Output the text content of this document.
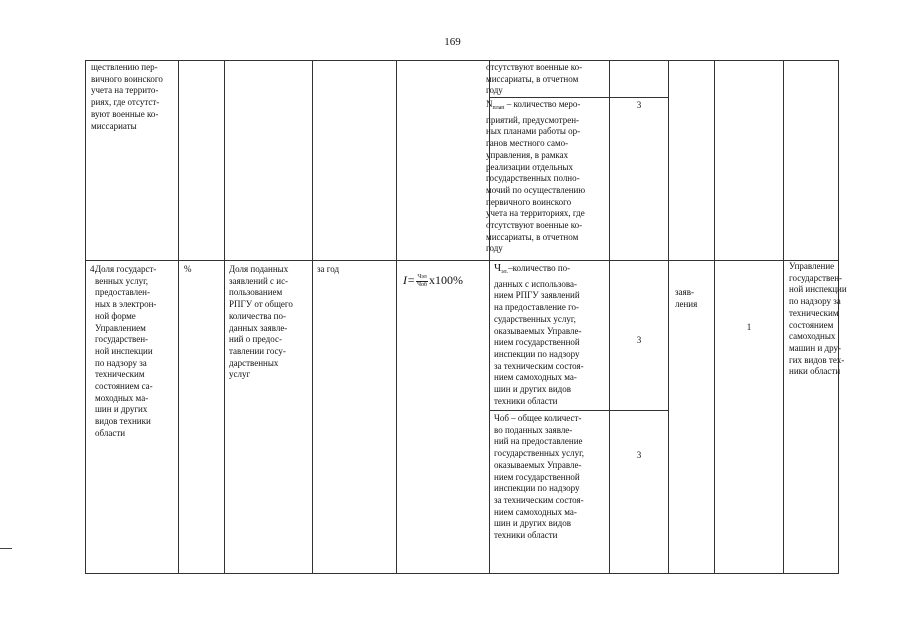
169
ществлению пер-
вичного воинского
учета на террито-
риях, где отсутст-
вуют военные ко-
миссариаты
отсутствуют военные ко-
миссариаты, в отчетном
году
$N_{плап}$ – количество меро-
приятий, предусмотрен-
ных планами работы ор-
ганов местного само-
управления, в рамках
реализации отдельных
государственных полно-
мочий по осуществлению
первичного воинского
учета на территориях, где
отсутствуют военные ко-
миссариаты, в отчетном
году
3
4.
Доля государст-
венных услуг,
предоставлен-
ных в электрон-
ной форме
Управлением
государствен-
ной инспекции
по надзору за
техническим
состоянием са-
моходных ма-
шин и других
видов техники
области
%	Доля поданных
заявлений с ис-
пользованием
РПГУ от общего
количества по-
данных заявле-
ний о предос-
тавлении госу-
дарственных
услуг
за год
$I= \frac{\text{Чэл}}{\text{Чоб}} x100\%$
$Ч_{эл.}$–количество по-
данных с использова-
нием РПГУ заявлений
на предоставление го-
сударственных услуг,
оказываемых Управле-
нием государственной
инспекции по надзору
за техническим состоя-
нием самоходных ма-
шин и других видов
техники области
3
Чоб – общее количест-
во поданных заявле-
ний на предоставление
государственных услуг,
оказываемых Управле-
нием государственной
инспекции по надзору
за техническим состоя-
нием самоходных ма-
шин и других видов
техники области
3
заяв-
ления
1
Управление
государствен-
ной инспекции
по надзору за
техническим
состоянием
самоходных
машин и дру-
гих видов тех-
ники области
